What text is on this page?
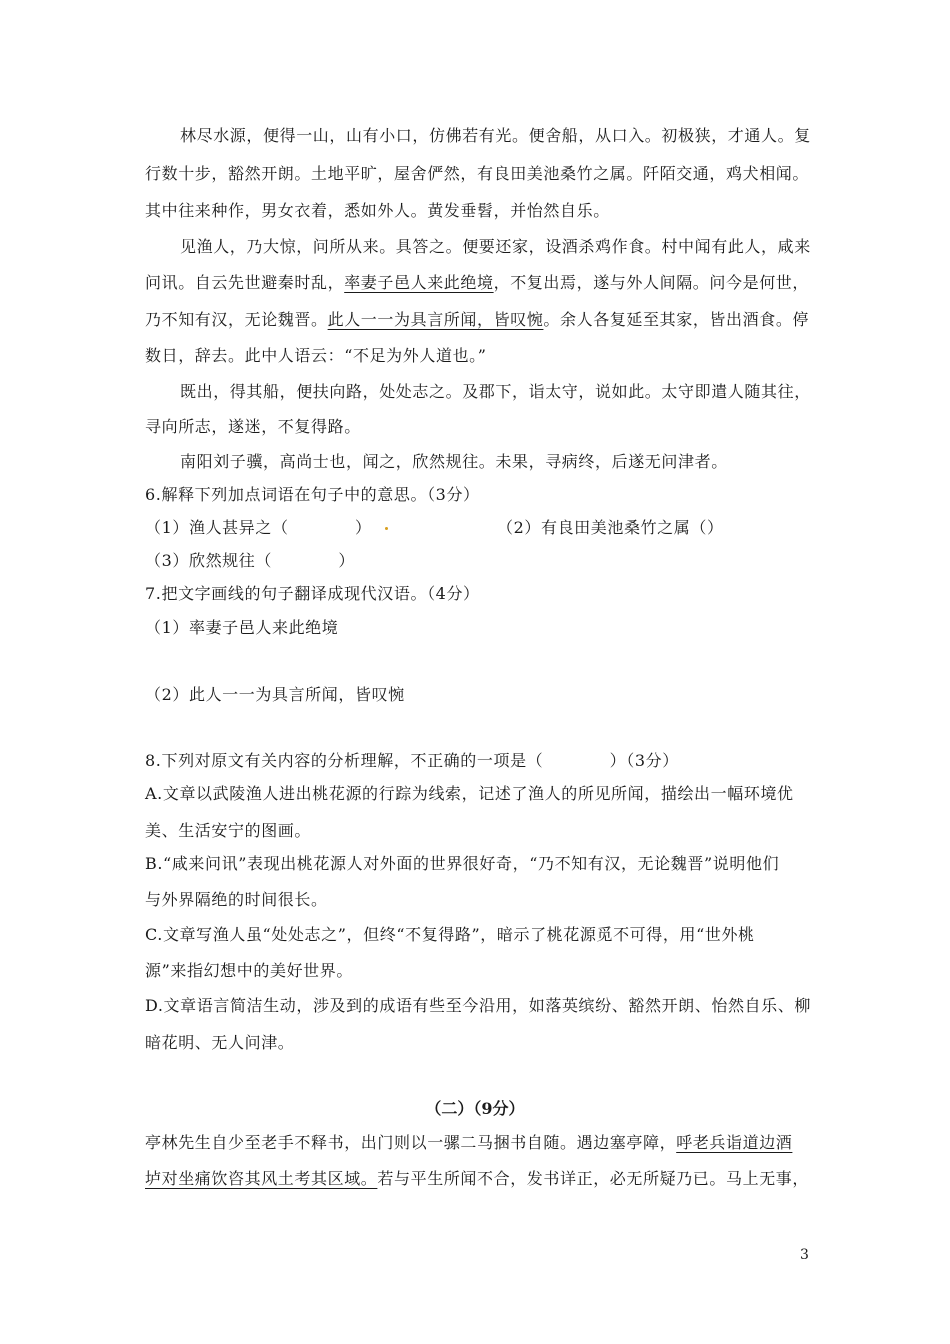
林尽水源，便得一山，山有小口，仿佛若有光。便舍船，从口入。初极狭，才通人。复
行数十步，豁然开朗。土地平旷，屋舍俨然，有良田美池桑竹之属。阡陌交通，鸡犬相闻。
其中往来种作，男女衣着，悉如外人。黄发垂髫，并怡然自乐。
见渔人，乃大惊，问所从来。具答之。便要还家，设酒杀鸡作食。村中闻有此人，咸来
问讯。自云先世避秦时乱，率妻子邑人来此绝境，不复出焉，遂与外人间隔。问今是何世，
乃不知有汉，无论魏晋。此人一一为具言所闻，皆叹惋。余人各复延至其家，皆出酒食。停
数日，辞去。此中人语云：“不足为外人道也。”
既出，得其船，便扶向路，处处志之。及郡下，诣太守，说如此。太守即遣人随其往，
寻向所志，遂迷，不复得路。
南阳刘子骥，高尚士也，闻之，欣然规往。未果，寻病终，后遂无问津者。
6.解释下列加点词语在句子中的意思。（3分）
（1）渔人甚异之（　　　　）	（2）有良田美池桑竹之属（）
（3）欣然规往（　　　　）
7.把文字画线的句子翻译成现代汉语。（4分）
（1）率妻子邑人来此绝境
（2）此人一一为具言所闻，皆叹惋
8.下列对原文有关内容的分析理解，不正确的一项是（　　　　）（3分）
A.文章以武陵渔人进出桃花源的行踪为线索，记述了渔人的所见所闻，描绘出一幅环境优
美、生活安宁的图画。
B.“咸来问讯”表现出桃花源人对外面的世界很好奇，“乃不知有汉，无论魏晋”说明他们
与外界隔绝的时间很长。
C.文章写渔人虽“处处志之”，但终“不复得路”，暗示了桃花源觅不可得，用“世外桃
源”来指幻想中的美好世界。
D.文章语言简洁生动，涉及到的成语有些至今沿用，如落英缤纷、豁然开朗、怡然自乐、柳
暗花明、无人问津。
（二）（9分）
亭林先生自少至老手不释书，出门则以一骡二马捆书自随。遇边塞亭障，呼老兵诣道边酒
垆对坐痛饮咨其风土考其区域。若与平生所闻不合，发书详正，必无所疑乃已。马上无事，
3
